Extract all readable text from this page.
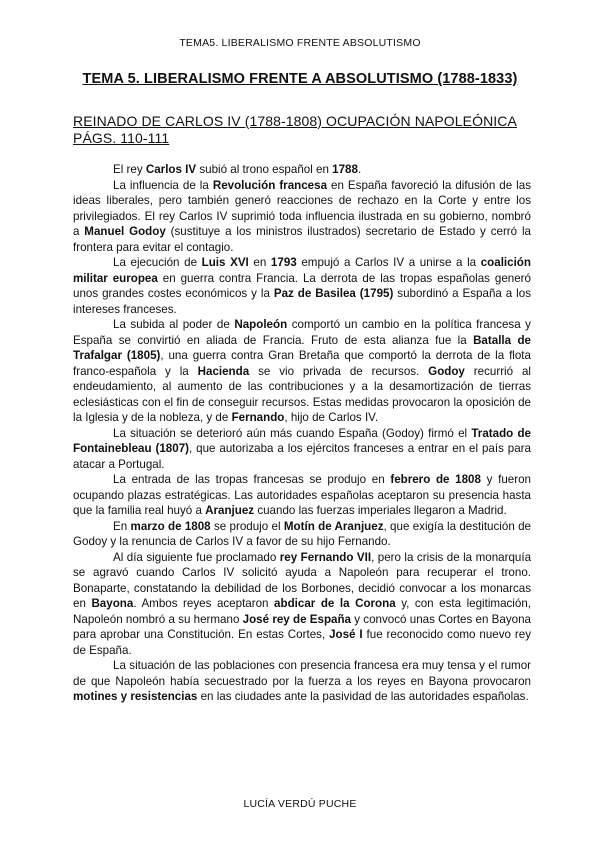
TEMA5. LIBERALISMO FRENTE ABSOLUTISMO
TEMA 5. LIBERALISMO FRENTE A ABSOLUTISMO (1788-1833)
REINADO DE CARLOS IV (1788-1808) OCUPACIÓN NAPOLEÓNICA PÁGS. 110-111

El rey Carlos IV subió al trono español en 1788.

La influencia de la Revolución francesa en España favoreció la difusión de las ideas liberales, pero también generó reacciones de rechazo en la Corte y entre los privilegiados. El rey Carlos IV suprimió toda influencia ilustrada en su gobierno, nombró a Manuel Godoy (sustituye a los ministros ilustrados) secretario de Estado y cerró la frontera para evitar el contagio.

La ejecución de Luis XVI en 1793 empujó a Carlos IV a unirse a la coalición militar europea en guerra contra Francia. La derrota de las tropas españolas generó unos grandes costes económicos y la Paz de Basilea (1795) subordinó a España a los intereses franceses.

La subida al poder de Napoleón comportó un cambio en la política francesa y España se convirtió en aliada de Francia. Fruto de esta alianza fue la Batalla de Trafalgar (1805), una guerra contra Gran Bretaña que comportó la derrota de la flota franco-española y la Hacienda se vio privada de recursos. Godoy recurrió al endeudamiento, al aumento de las contribuciones y a la desamortización de tierras eclesiásticas con el fin de conseguir recursos. Estas medidas provocaron la oposición de la Iglesia y de la nobleza, y de Fernando, hijo de Carlos IV.

La situación se deterioró aún más cuando España (Godoy) firmó el Tratado de Fontainebleau (1807), que autorizaba a los ejércitos franceses a entrar en el país para atacar a Portugal.

La entrada de las tropas francesas se produjo en febrero de 1808 y fueron ocupando plazas estratégicas. Las autoridades españolas aceptaron su presencia hasta que la familia real huyó a Aranjuez cuando las fuerzas imperiales llegaron a Madrid.

En marzo de 1808 se produjo el Motín de Aranjuez, que exigía la destitución de Godoy y la renuncia de Carlos IV a favor de su hijo Fernando.

Al día siguiente fue proclamado rey Fernando VII, pero la crisis de la monarquía se agravó cuando Carlos IV solicitó ayuda a Napoleón para recuperar el trono. Bonaparte, constatando la debilidad de los Borbones, decidió convocar a los monarcas en Bayona. Ambos reyes aceptaron abdicar de la Corona y, con esta legitimación, Napoleón nombró a su hermano José rey de España y convocó unas Cortes en Bayona para aprobar una Constitución. En estas Cortes, José I fue reconocido como nuevo rey de España.

La situación de las poblaciones con presencia francesa era muy tensa y el rumor de que Napoleón había secuestrado por la fuerza a los reyes en Bayona provocaron motines y resistencias en las ciudades ante la pasividad de las autoridades españolas.

LUCÍA VERDÚ PUCHE
